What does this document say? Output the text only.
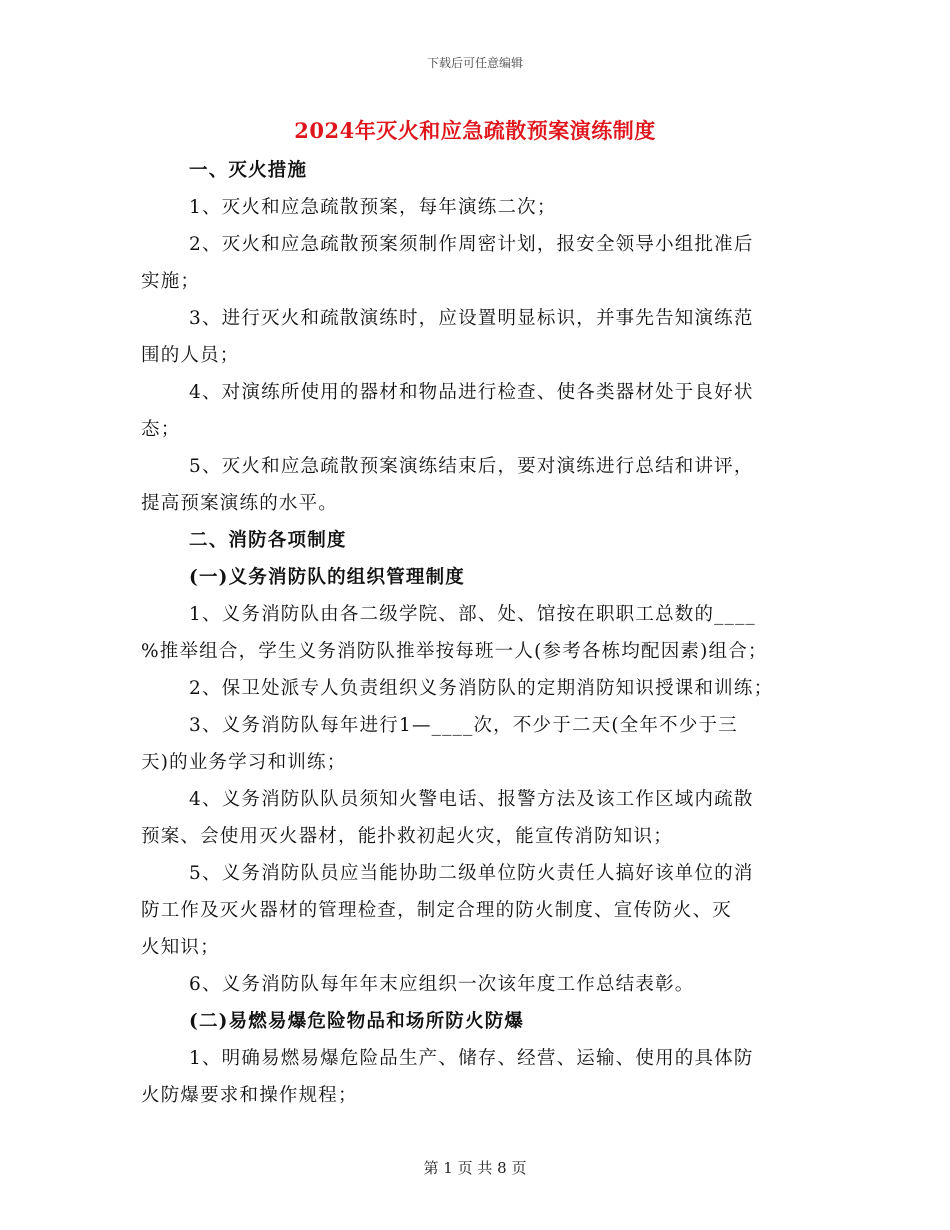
下载后可任意编辑
2024年灭火和应急疏散预案演练制度
一、灭火措施
1、灭火和应急疏散预案，每年演练二次；
2、灭火和应急疏散预案须制作周密计划，报安全领导小组批准后
实施；
3、进行灭火和疏散演练时，应设置明显标识，并事先告知演练范
围的人员；
4、对演练所使用的器材和物品进行检查、使各类器材处于良好状
态；
5、灭火和应急疏散预案演练结束后，要对演练进行总结和讲评，
提高预案演练的水平。
二、消防各项制度
(一)义务消防队的组织管理制度
1、义务消防队由各二级学院、部、处、馆按在职职工总数的____
%推举组合，学生义务消防队推举按每班一人(参考各栋均配因素)组合；
2、保卫处派专人负责组织义务消防队的定期消防知识授课和训练；
3、义务消防队每年进行1—____次，不少于二天(全年不少于三
天)的业务学习和训练；
4、义务消防队队员须知火警电话、报警方法及该工作区域内疏散
预案、会使用灭火器材，能扑救初起火灾，能宣传消防知识；
5、义务消防队员应当能协助二级单位防火责任人搞好该单位的消
防工作及灭火器材的管理检查，制定合理的防火制度、宣传防火、灭
火知识；
6、义务消防队每年年末应组织一次该年度工作总结表彰。
(二)易燃易爆危险物品和场所防火防爆
1、明确易燃易爆危险品生产、储存、经营、运输、使用的具体防
火防爆要求和操作规程；
第 1 页 共 8 页
